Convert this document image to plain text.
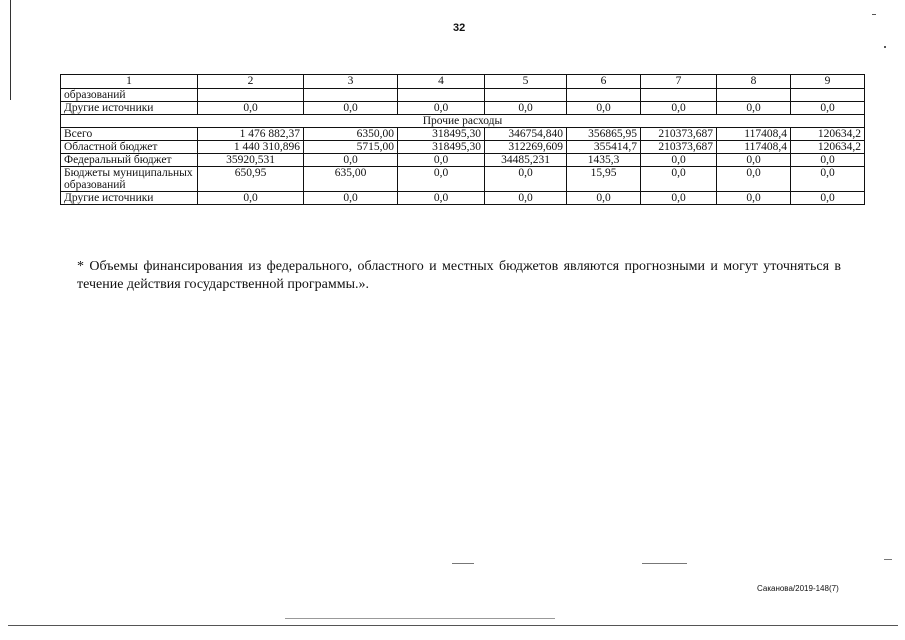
32
1	2	3	4	5	6	7	8	9
образований								
Другие источники	0,0	0,0	0,0	0,0	0,0	0,0	0,0	0,0
Прочие расходы								
Всего	1 476 882,37	6350,00	318495,30	346754,840	356865,95	210373,687	117408,4	120634,2
Областной бюджет	1 440 310,896	5715,00	318495,30	312269,609	355414,7	210373,687	117408,4	120634,2
Федеральный бюджет	35920,531	0,0	0,0	34485,231	1435,3	0,0	0,0	0,0
Бюджеты муниципальных образований	650,95	635,00	0,0	0,0	15,95	0,0	0,0	0,0
Другие источники	0,0	0,0	0,0	0,0	0,0	0,0	0,0	0,0

* Объемы финансирования из федерального, областного и местных бюджетов являются прогнозными и могут уточняться в течение действия государственной программы.».

Саканова/2019-148(7)
